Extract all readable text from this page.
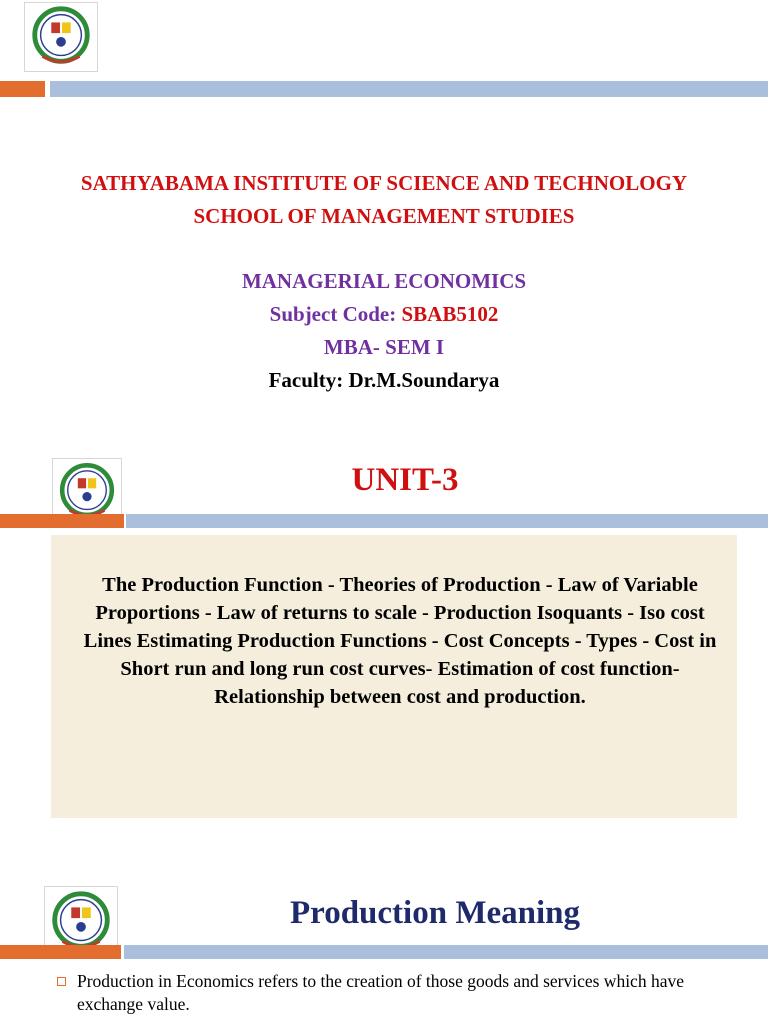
SATHYABAMA INSTITUTE OF SCIENCE AND TECHNOLOGY
SCHOOL OF MANAGEMENT STUDIES
MANAGERIAL ECONOMICS
Subject Code: SBAB5102
MBA- SEM I
Faculty: Dr.M.Soundarya
UNIT-3
The Production Function - Theories of Production - Law of Variable Proportions - Law of returns to scale - Production Isoquants - Iso cost Lines Estimating Production Functions - Cost Concepts - Types - Cost in Short run and long run cost curves- Estimation of cost function- Relationship between cost and production.
Production Meaning
Production in Economics refers to the creation of those goods and services which have exchange value.
